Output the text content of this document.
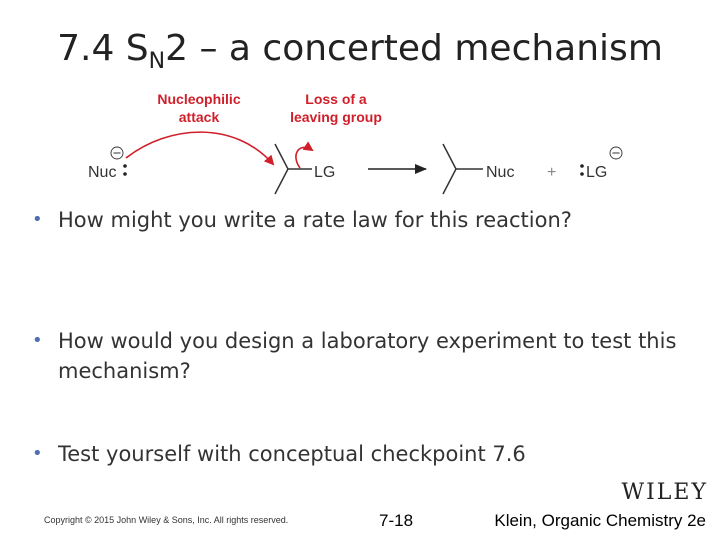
7.4 $S_N2$ – a concerted mechanism
Nucleophilic
attack
Loss of a
leaving group
Nuc	LG	Nuc + LG
• How might you write a rate law for this reaction?
• How would you design a laboratory experiment to test this mechanism?
• Test yourself with conceptual checkpoint 7.6
WILEY
Copyright © 2015 John Wiley & Sons, Inc. All rights reserved.	7-18	Klein, Organic Chemistry 2e
